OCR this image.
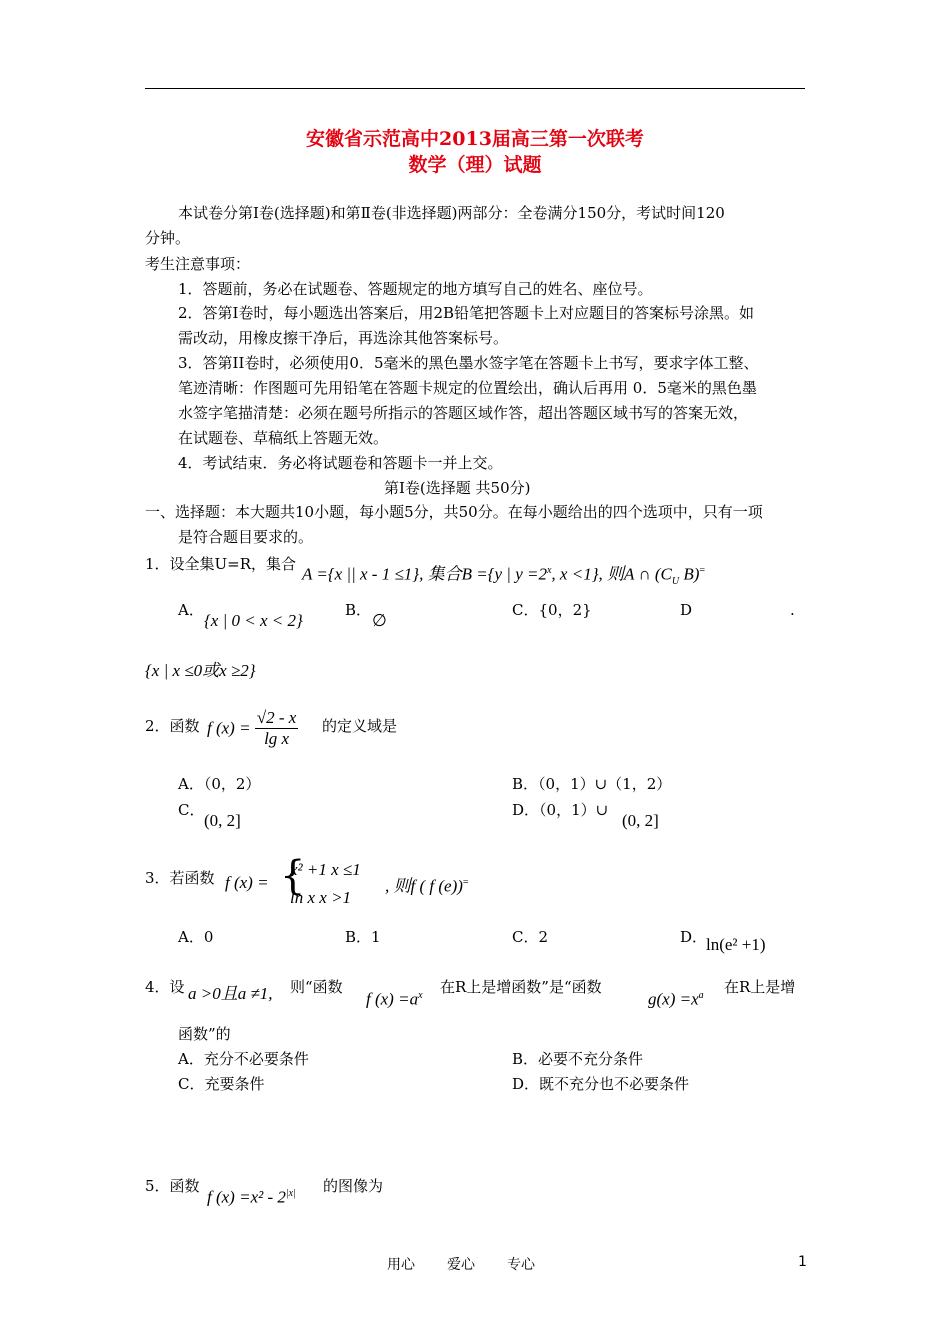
安徽省示范高中2013届高三第一次联考
数学（理）试题
本试卷分第Ⅰ卷(选择题)和第Ⅱ卷(非选择题)两部分：全卷满分150分，考试时间120
分钟。
考生注意事项：
1．答题前，务必在试题卷、答题规定的地方填写自己的姓名、座位号。
2．答第Ⅰ卷时，每小题选出答案后，用2B铅笔把答题卡上对应题目的答案标号涂黑。如
需改动，用橡皮擦干净后，再选涂其他答案标号。
3．答第II卷时，必须使用0．5毫米的黑色墨水签字笔在答题卡上书写，要求字体工整、
笔迹清晰：作图题可先用铅笔在答题卡规定的位置绘出，确认后再用 0．5毫米的黑色墨
水签字笔描清楚：必须在题号所指示的答题区域作答，超出答题区域书写的答案无效，
在试题卷、草稿纸上答题无效。
4．考试结束．务必将试题卷和答题卡一并上交。
第Ⅰ卷(选择题 共50分)
一、选择题：本大题共10小题，每小题5分，共50分。在每小题给出的四个选项中，只有一项
是符合题目要求的。
1．设全集U=R，集合
A ={x || x - 1 ≤1}, 集合B ={y | $y =2^x$, x <1}, 则A ∩ ($C_U$ B)=
A．
{x | 0 < x < 2}
B．
∅
C．{0，2}	D	.
{x | x ≤0或x ≥2}
2．函数 f $(x) = \frac{√2 - x}{\text{lg x}}$ 的定义域是
A．（0，2）	B．（0，1）∪（1，2）
C．
(0, 2]
D．（0，1）∪
(0, 2]
3．若函数 f (x) = {
x² +1 x ≤1
ln x x >1
, 则f ( f (e))=
A．0	B．1	C．2	D．
ln(e² +1)
4．设 a >0且a ≠1, 则“函数
f $(x) =a^x$ 在R上是增函数”是“函数
$g(x) =x^a$ 在R上是增
函数”的
A．充分不必要条件	B．必要不充分条件
C．充要条件	D．既不充分也不必要条件
5．函数
f $(x) =x^2 - 2^{|x|}$ 的图像为
用心 爱心 专心	1
